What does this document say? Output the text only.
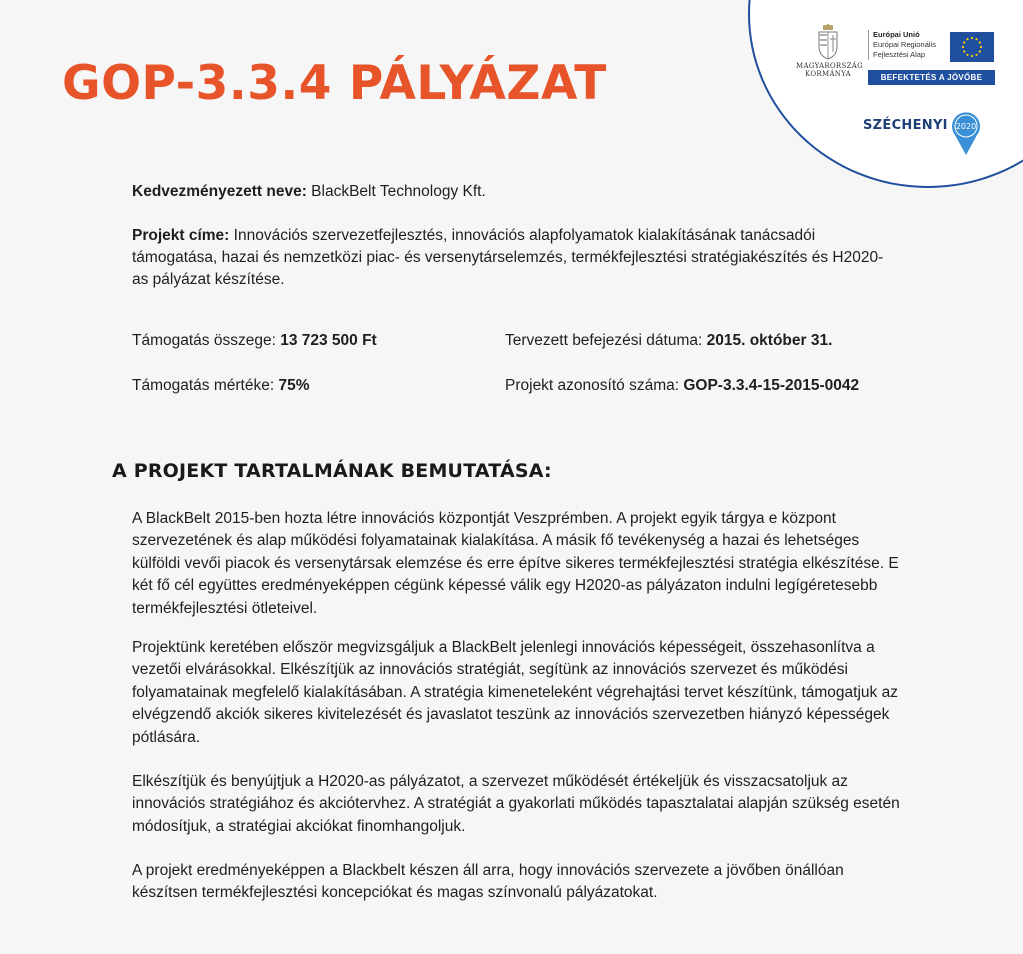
GOP-3.3.4 PÁLYÁZAT	MAGYARORSZÁG
KORMÁNYA
Európai Unió
Európai Regionális
Fejlesztési Alap
BEFEKTETÉS A JÖVŐBE
SZÉCHENYI 2020
Kedvezményezett neve: BlackBelt Technology Kft.
Projekt címe: Innovációs szervezetfejlesztés, innovációs alapfolyamatok kialakításának tanácsadói támogatása, hazai és nemzetközi piac- és versenytárselemzés, termékfejlesztési stratégiakészítés és H2020-as pályázat készítése.
Támogatás összege: 13 723 500 Ft	Tervezett befejezési dátuma: 2015. október 31.
Támogatás mértéke: 75%	Projekt azonosító száma: GOP-3.3.4-15-2015-0042
A PROJEKT TARTALMÁNAK BEMUTATÁSA:

A BlackBelt 2015-ben hozta létre innovációs központját Veszprémben. A projekt egyik tárgya e központ szervezetének és alap működési folyamatainak kialakítása. A másik fő tevékenység a hazai és lehetséges külföldi vevői piacok és versenytársak elemzése és erre építve sikeres termékfejlesztési stratégia elkészítése. E két fő cél együttes eredményeképpen cégünk képessé válik egy H2020-as pályázaton indulni legígéretesebb termékfejlesztési ötleteivel.

Projektünk keretében először megvizsgáljuk a BlackBelt jelenlegi innovációs képességeit, összehasonlítva a vezetői elvárásokkal. Elkészítjük az innovációs stratégiát, segítünk az innovációs szervezet és működési folyamatainak megfelelő kialakításában. A stratégia kimeneteleként végrehajtási tervet készítünk, támogatjuk az elvégzendő akciók sikeres kivitelezését és javaslatot teszünk az innovációs szervezetben hiányzó képességek pótlására.

Elkészítjük és benyújtjuk a H2020-as pályázatot, a szervezet működését értékeljük és visszacsatoljuk az innovációs stratégiához és akciótervhez. A stratégiát a gyakorlati működés tapasztalatai alapján szükség esetén módosítjuk, a stratégiai akciókat finomhangoljuk.

A projekt eredményeképpen a Blackbelt készen áll arra, hogy innovációs szervezete a jövőben önállóan készítsen termékfejlesztési koncepciókat és magas színvonalú pályázatokat.
